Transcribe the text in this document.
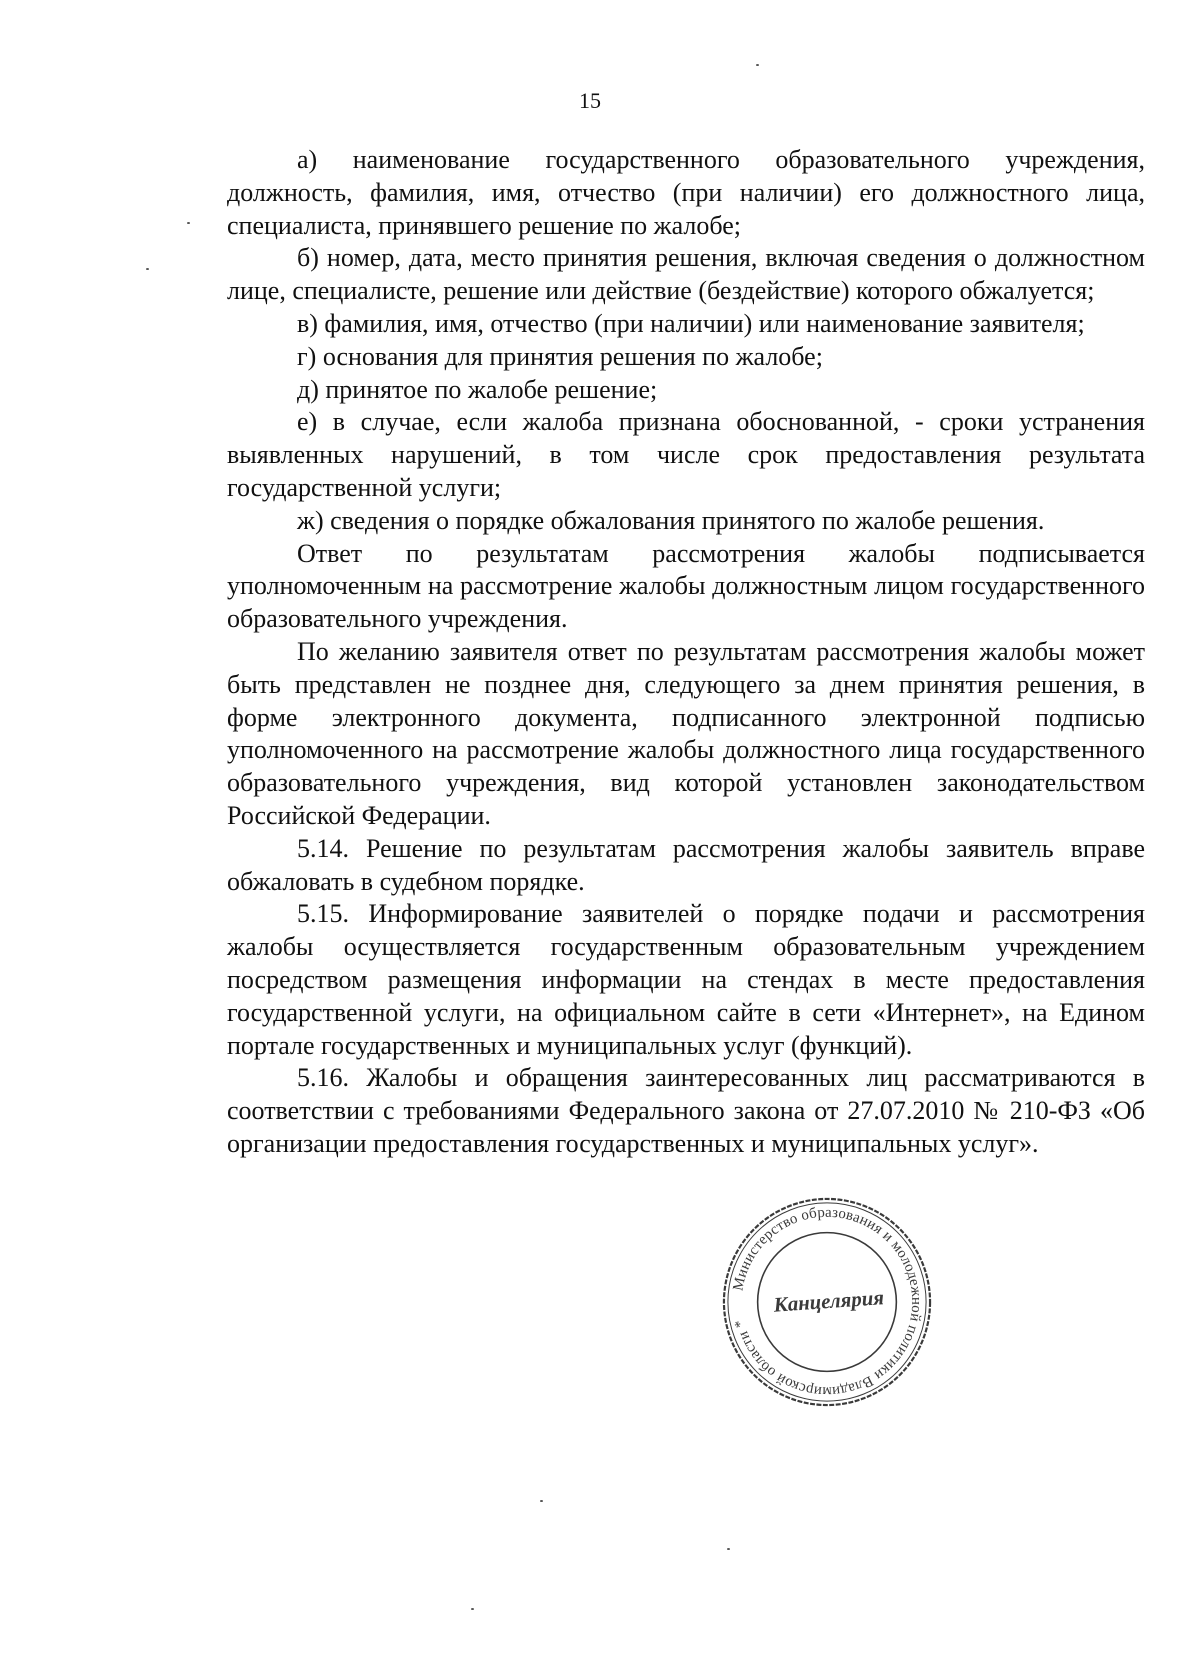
15

а) наименование государственного образовательного учреждения, должность, фамилия, имя, отчество (при наличии) его должностного лица, специалиста, принявшего решение по жалобе;

б) номер, дата, место принятия решения, включая сведения о должностном лице, специалисте, решение или действие (бездействие) которого обжалуется;

в) фамилия, имя, отчество (при наличии) или наименование заявителя;

г) основания для принятия решения по жалобе;

д) принятое по жалобе решение;

е) в случае, если жалоба признана обоснованной, - сроки устранения выявленных нарушений, в том числе срок предоставления результата государственной услуги;

ж) сведения о порядке обжалования принятого по жалобе решения.

Ответ по результатам рассмотрения жалобы подписывается уполномоченным на рассмотрение жалобы должностным лицом государственного образовательного учреждения.

По желанию заявителя ответ по результатам рассмотрения жалобы может быть представлен не позднее дня, следующего за днем принятия решения, в форме электронного документа, подписанного электронной подписью уполномоченного на рассмотрение жалобы должностного лица государственного образовательного учреждения, вид которой установлен законодательством Российской Федерации.

5.14. Решение по результатам рассмотрения жалобы заявитель вправе обжаловать в судебном порядке.

5.15. Информирование заявителей о порядке подачи и рассмотрения жалобы осуществляется государственным образовательным учреждением посредством размещения информации на стендах в месте предоставления государственной услуги, на официальном сайте в сети «Интернет», на Едином портале государственных и муниципальных услуг (функций).

5.16. Жалобы и обращения заинтересованных лиц рассматриваются в соответствии с требованиями Федерального закона от 27.07.2010 № 210-ФЗ «Об организации предоставления государственных и муниципальных услуг».

Министерство образования и молодежной политики Владимирской области *
Канцелярия
